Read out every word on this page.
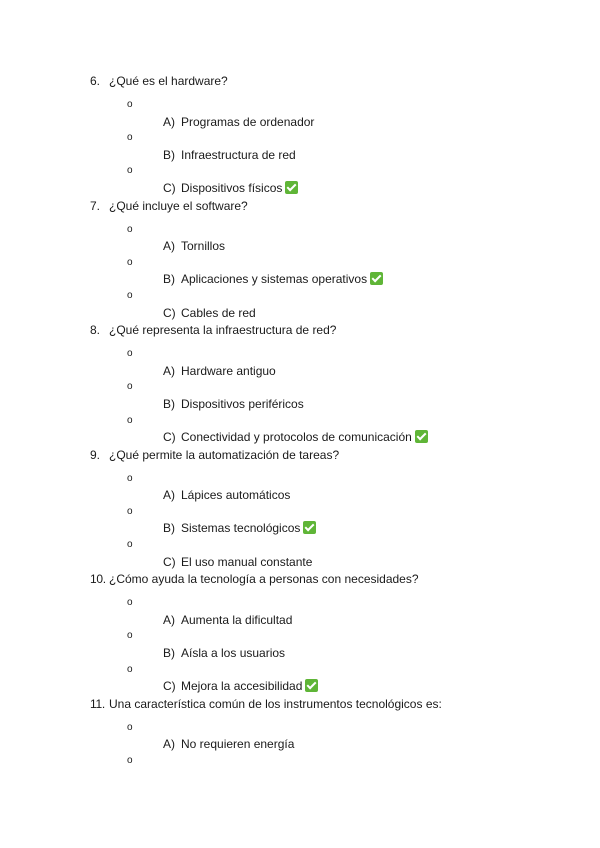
6. ¿Qué es el hardware?
o
A) Programas de ordenador
o
B) Infraestructura de red
o
C) Dispositivos físicos
7. ¿Qué incluye el software?
o
A) Tornillos
o
B) Aplicaciones y sistemas operativos
o
C) Cables de red
8. ¿Qué representa la infraestructura de red?
o
A) Hardware antiguo
o
B) Dispositivos periféricos
o
C) Conectividad y protocolos de comunicación
9. ¿Qué permite la automatización de tareas?
o
A) Lápices automáticos
o
B) Sistemas tecnológicos
o
C) El uso manual constante
10. ¿Cómo ayuda la tecnología a personas con necesidades?
o
A) Aumenta la dificultad
o
B) Aísla a los usuarios
o
C) Mejora la accesibilidad
11. Una característica común de los instrumentos tecnológicos es:
o
A) No requieren energía
o
